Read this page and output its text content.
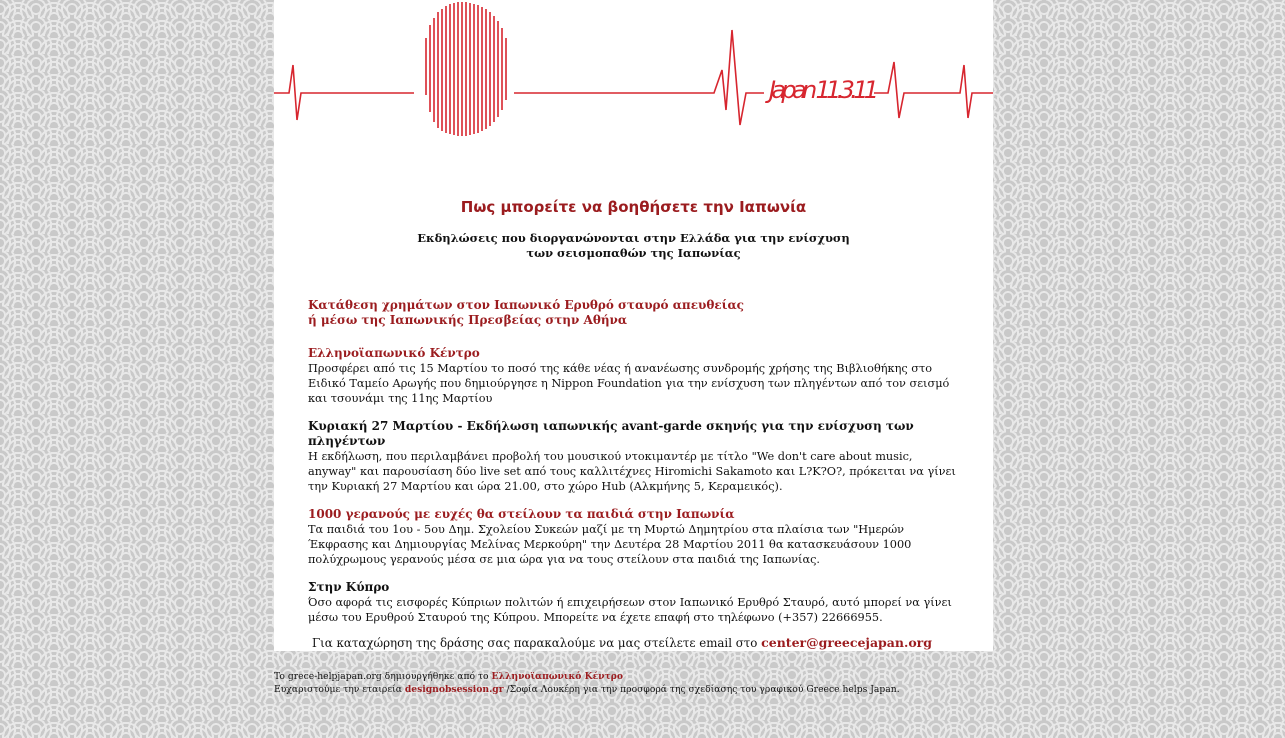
Japan 11.3.11
Πως μπορείτε να βοηθήσετε την Ιαπωνία
Εκδηλώσεις που διοργανώνονται στην Ελλάδα για την ενίσχυση
των σεισμοπαθών της Ιαπωνίας
Κατάθεση χρημάτων στον Ιαπωνικό Ερυθρό σταυρό απευθείας
ή μέσω της Ιαπωνικής Πρεσβείας στην Αθήνα
Ελληνοϊαπωνικό Κέντρο
Προσφέρει από τις 15 Μαρτίου το ποσό της κάθε νέας ή ανανέωσης συνδρομής χρήσης της Βιβλιοθήκης στο Ειδικό Ταμείο Αρωγής που δημιούργησε η Nippon Foundation για την ενίσχυση των πληγέντων από τον σεισμό και τσουνάμι της 11ης Μαρτίου
Κυριακή 27 Μαρτίου - Εκδήλωση ιαπωνικής avant-garde σκηνής για την ενίσχυση των πληγέντων
Η εκδήλωση, που περιλαμβάνει προβολή του μουσικού ντοκιμαντέρ με τίτλο "We don't care about music, anyway" και παρουσίαση δύο live set από τους καλλιτέχνες Hiromichi Sakamoto και L?K?O?, πρόκειται να γίνει την Κυριακή 27 Μαρτίου και ώρα 21.00, στο χώρο Hub (Αλκμήνης 5, Κεραμεικός).
1000 γερανούς με ευχές θα στείλουν τα παιδιά στην Ιαπωνία
Τα παιδιά του 1ου - 5ου Δημ. Σχολείου Συκεών μαζί με τη Μυρτώ Δημητρίου στα πλαίσια των "Ημερών Έκφρασης και Δημιουργίας Μελίνας Μερκούρη" την Δευτέρα 28 Μαρτίου 2011 θα κατασκευάσουν 1000 πολύχρωμους γερανούς μέσα σε μια ώρα για να τους στείλουν στα παιδιά της Ιαπωνίας.
Στην Κύπρο
Όσο αφορά τις εισφορές Κύπριων πολιτών ή επιχειρήσεων στον Ιαπωνικό Ερυθρό Σταυρό, αυτό μπορεί να γίνει μέσω του Ερυθρού Σταυρού της Κύπρου. Μπορείτε να έχετε επαφή στο τηλέφωνο (+357) 22666955.
Για καταχώρηση της δράσης σας παρακαλούμε να μας στείλετε email στο center@greecejapan.org
To grece-helpjapan.org δημιουργήθηκε από το Ελληνοϊαπωνικό Κέντρο
Ευχαριστούμε την εταιρεία designobsession.gr /Σοφία Λουκέρη για την προσφορά της σχεδίασης του γραφικού Greece helps Japan.
